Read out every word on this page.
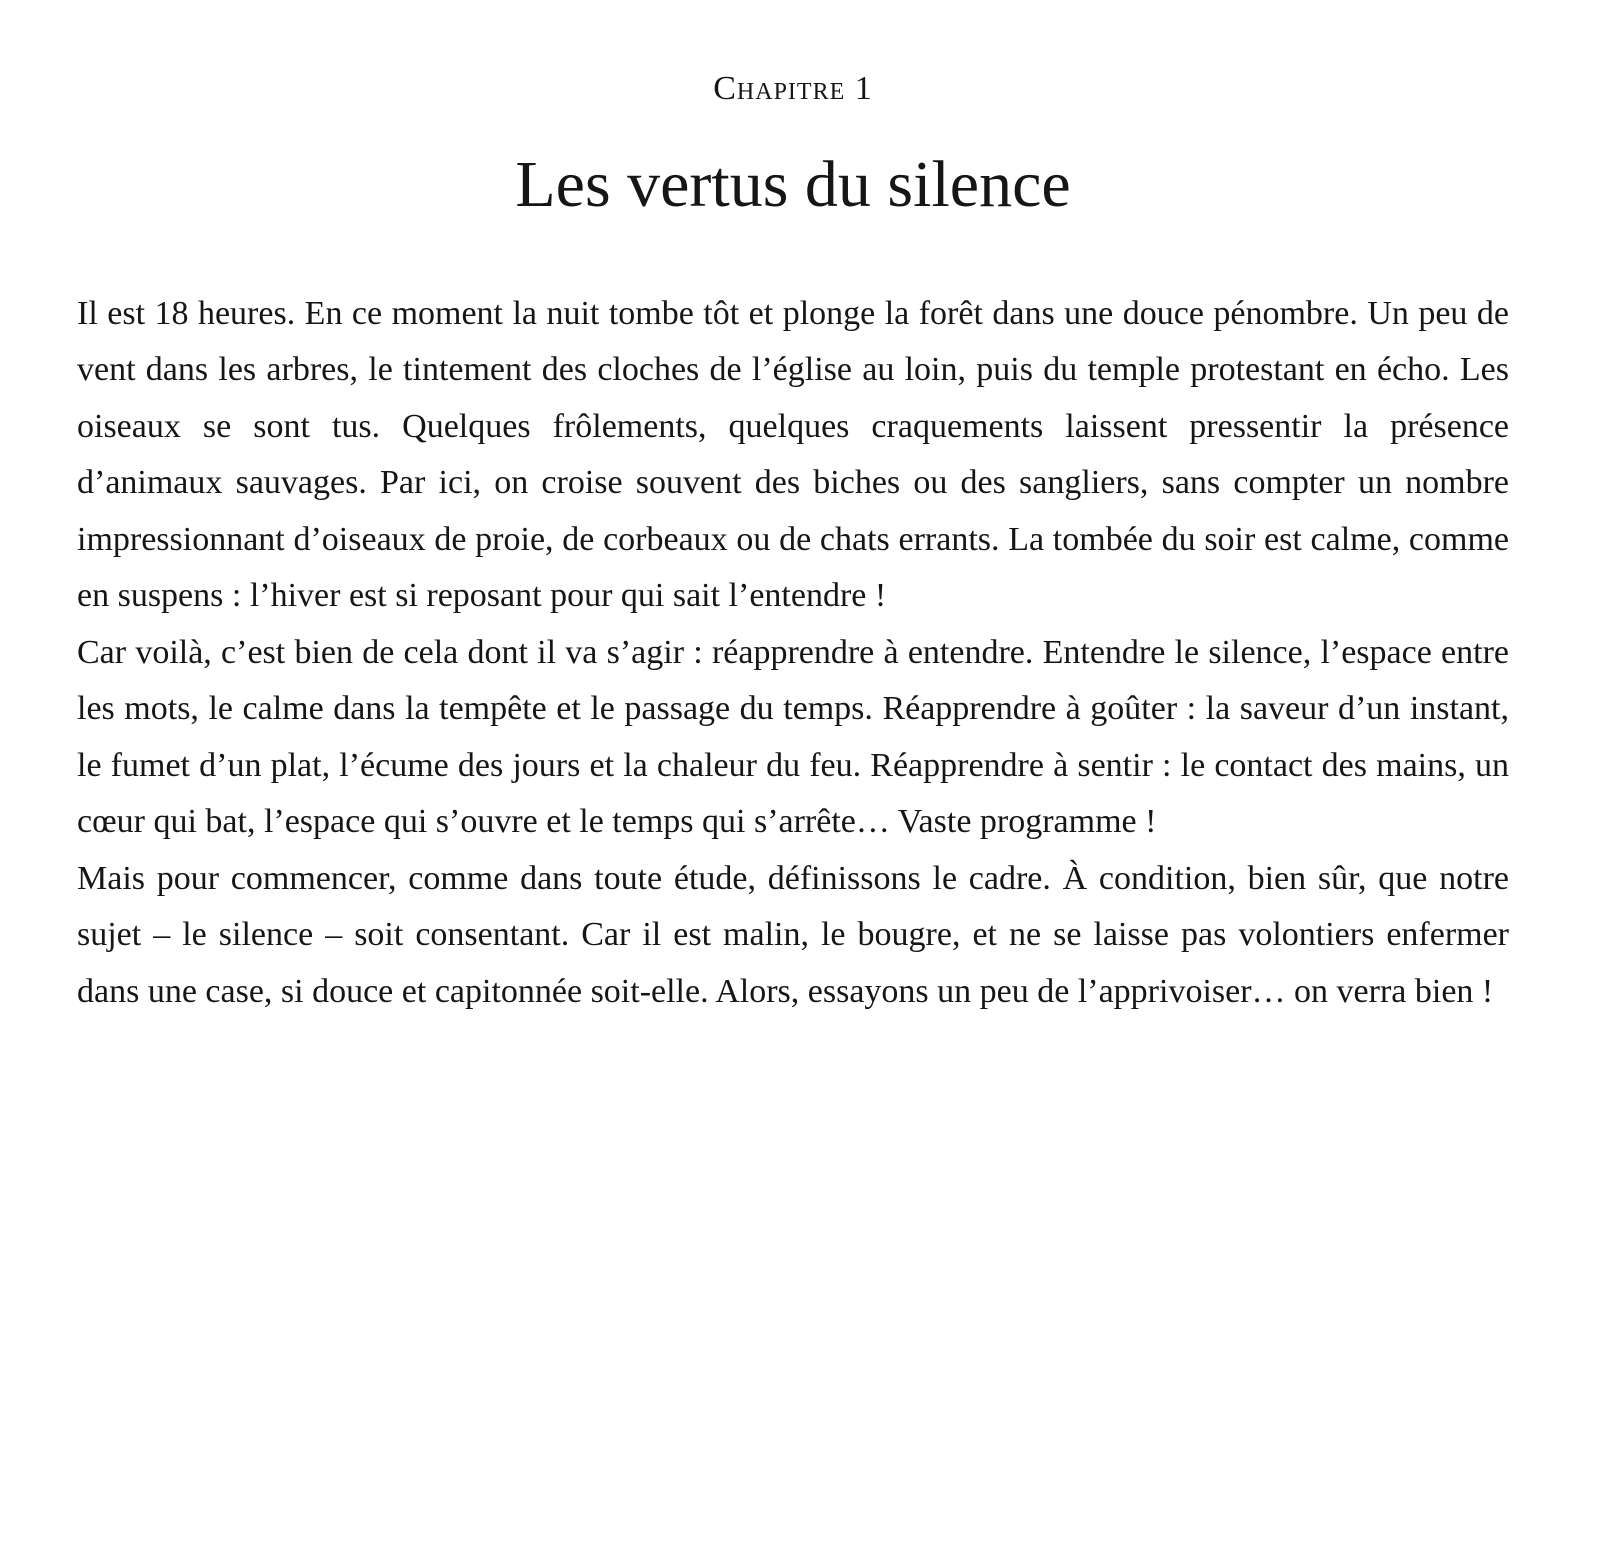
Chapitre 1
Les vertus du silence

Il est 18 heures. En ce moment la nuit tombe tôt et plonge la forêt dans une douce pénombre. Un peu de vent dans les arbres, le tintement des cloches de l’église au loin, puis du temple protestant en écho. Les oiseaux se sont tus. Quelques frôlements, quelques craquements laissent pressentir la présence d’animaux sauvages. Par ici, on croise souvent des biches ou des sangliers, sans compter un nombre impressionnant d’oiseaux de proie, de corbeaux ou de chats errants. La tombée du soir est calme, comme en suspens : l’hiver est si reposant pour qui sait l’entendre !

Car voilà, c’est bien de cela dont il va s’agir : réapprendre à entendre. Entendre le silence, l’espace entre les mots, le calme dans la tempête et le passage du temps. Réapprendre à goûter : la saveur d’un instant, le fumet d’un plat, l’écume des jours et la chaleur du feu. Réapprendre à sentir : le contact des mains, un cœur qui bat, l’espace qui s’ouvre et le temps qui s’arrête… Vaste programme !

Mais pour commencer, comme dans toute étude, définissons le cadre. À condition, bien sûr, que notre sujet – le silence – soit consentant. Car il est malin, le bougre, et ne se laisse pas volontiers enfermer dans une case, si douce et capitonnée soit-elle. Alors, essayons un peu de l’apprivoiser… on verra bien !
